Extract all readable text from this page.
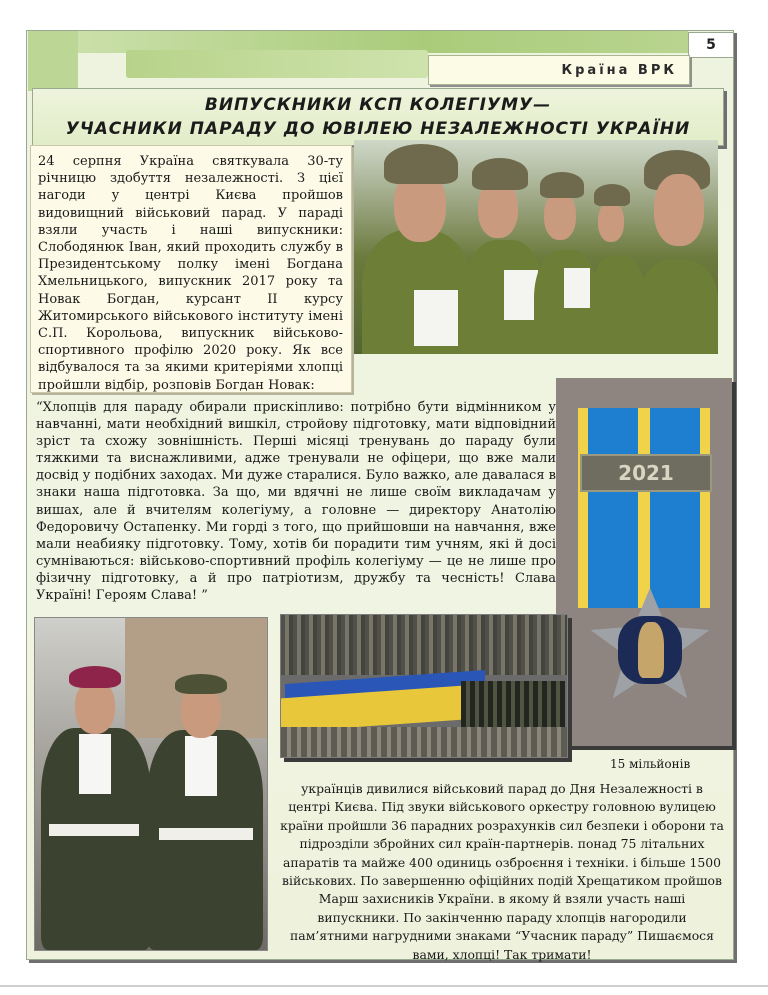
5
Країна ВРК
ВИПУСКНИКИ КСП КОЛЕГІУМУ—
УЧАСНИКИ ПАРАДУ ДО ЮВІЛЕЮ НЕЗАЛЕЖНОСТІ УКРАЇНИ
24 серпня Україна святкувала 30-ту річницю здобуття незалежності. З цієї нагоди у центрі Києва пройшов видовищний військовий парад. У параді взяли участь і наші випускники: Слободянюк Іван, який проходить службу в Президентському полку імені Богдана Хмельницького, випускник 2017 року та Новак Богдан, курсант ІІ курсу Житомирського військового інституту імені С.П. Корольова, випускник військово-спортивного профілю 2020 року. Як все відбувалося та за якими критеріями хлопці пройшли відбір, розповів Богдан Новак:

“Хлопців для параду обирали прискіпливо: потрібно бути відмінником у навчанні, мати необхідний вишкіл, стройову підготовку, мати відповідний зріст та схожу зовнішність. Перші місяці тренувань до параду були тяжкими та виснажливими, адже тренували не офіцери, що вже мали досвід у подібних заходах. Ми дуже старалися. Було важко, але давалася в знаки наша підготовка. За що, ми вдячні не лише своїм викладачам у вишах, але й вчителям колегіуму, а головне — директору Анатолію Федоровичу Остапенку. Ми горді з того, що прийшовши на навчання, вже мали неабияку підготовку. Тому, хотів би порадити тим учням, які й досі сумніваються: військово-спортивний профіль колегіуму — це не лише про фізичну підготовку, а й про патріотизм, дружбу та чесність! Слава Україні! Героям Слава! ”

2021
15 мільйонів

українців дивилися військовий парад до Дня Незалежності в центрі Києва. Під звуки військового оркестру головною вулицею країни пройшли 36 парадних розрахунків сил безпеки і оборони та підрозділи збройних сил країн-партнерів. понад 75 літальних апаратів та майже 400 одиниць озброєння і техніки. і більше 1500 військових. По завершенню офіційних подій Хрещатиком пройшов Марш захисників України. в якому й взяли участь наші випускники. По закінченню параду хлопців нагородили пам’ятними нагрудними знаками “Учасник параду” Пишаємося вами, хлопці! Так тримати!
